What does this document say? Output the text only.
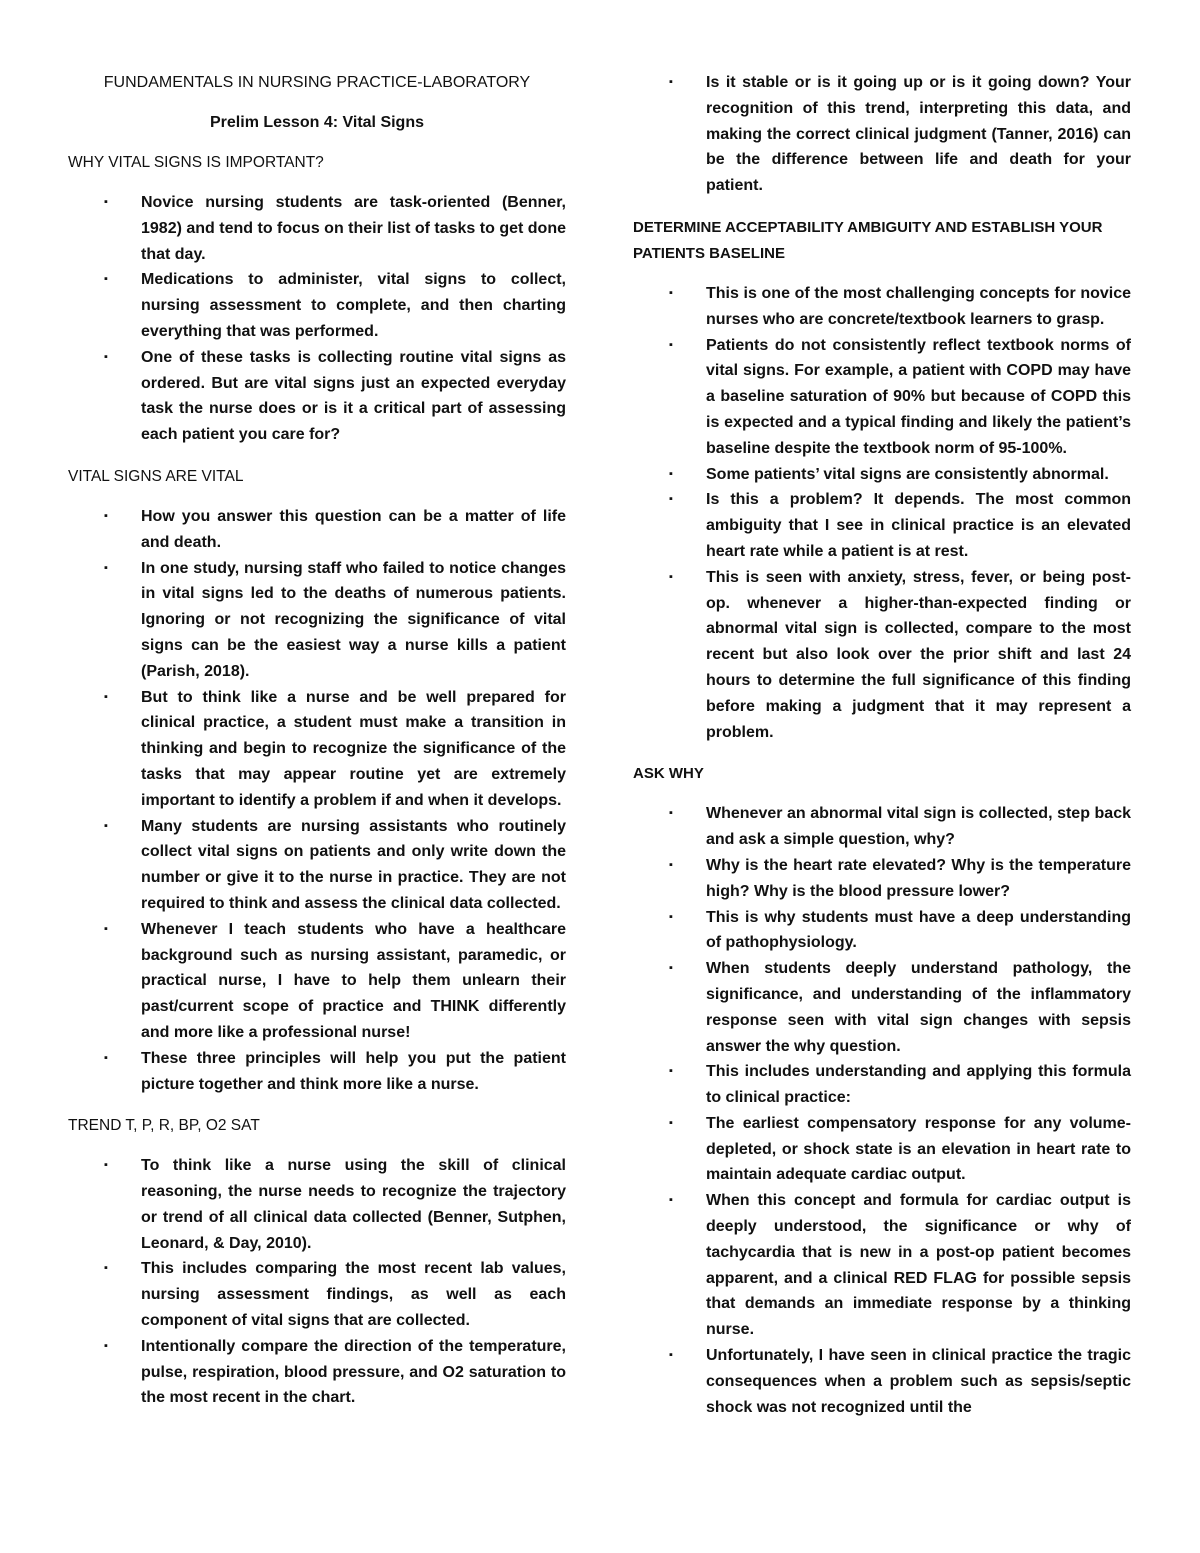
FUNDAMENTALS IN NURSING PRACTICE-LABORATORY
Prelim Lesson 4: Vital Signs
WHY VITAL SIGNS IS IMPORTANT?
▪ Novice nursing students are task-oriented (Benner, 1982) and tend to focus on their list of tasks to get done that day.
▪ Medications to administer, vital signs to collect, nursing assessment to complete, and then charting everything that was performed.
▪ One of these tasks is collecting routine vital signs as ordered. But are vital signs just an expected everyday task the nurse does or is it a critical part of assessing each patient you care for?
VITAL SIGNS ARE VITAL
▪ How you answer this question can be a matter of life and death.
▪ In one study, nursing staff who failed to notice changes in vital signs led to the deaths of numerous patients. Ignoring or not recognizing the significance of vital signs can be the easiest way a nurse kills a patient (Parish, 2018).
▪ But to think like a nurse and be well prepared for clinical practice, a student must make a transition in thinking and begin to recognize the significance of the tasks that may appear routine yet are extremely important to identify a problem if and when it develops.
▪ Many students are nursing assistants who routinely collect vital signs on patients and only write down the number or give it to the nurse in practice. They are not required to think and assess the clinical data collected.
▪ Whenever I teach students who have a healthcare background such as nursing assistant, paramedic, or practical nurse, I have to help them unlearn their past/current scope of practice and THINK differently and more like a professional nurse!
▪ These three principles will help you put the patient picture together and think more like a nurse.
TREND T, P, R, BP, O2 SAT
▪ To think like a nurse using the skill of clinical reasoning, the nurse needs to recognize the trajectory or trend of all clinical data collected (Benner, Sutphen, Leonard, & Day, 2010).
▪ This includes comparing the most recent lab values, nursing assessment findings, as well as each component of vital signs that are collected.
▪ Intentionally compare the direction of the temperature, pulse, respiration, blood pressure, and O2 saturation to the most recent in the chart.
▪ Is it stable or is it going up or is it going down? Your recognition of this trend, interpreting this data, and making the correct clinical judgment (Tanner, 2016) can be the difference between life and death for your patient.
DETERMINE ACCEPTABILITY AMBIGUITY AND ESTABLISH YOUR PATIENTS BASELINE
▪ This is one of the most challenging concepts for novice nurses who are concrete/textbook learners to grasp.
▪ Patients do not consistently reflect textbook norms of vital signs. For example, a patient with COPD may have a baseline saturation of 90% but because of COPD this is expected and a typical finding and likely the patient’s baseline despite the textbook norm of 95-100%.
▪ Some patients’ vital signs are consistently abnormal.
▪ Is this a problem? It depends. The most common ambiguity that I see in clinical practice is an elevated heart rate while a patient is at rest.
▪ This is seen with anxiety, stress, fever, or being post-op. whenever a higher-than-expected finding or abnormal vital sign is collected, compare to the most recent but also look over the prior shift and last 24 hours to determine the full significance of this finding before making a judgment that it may represent a problem.
ASK WHY
▪ Whenever an abnormal vital sign is collected, step back and ask a simple question, why?
▪ Why is the heart rate elevated? Why is the temperature high? Why is the blood pressure lower?
▪ This is why students must have a deep understanding of pathophysiology.
▪ When students deeply understand pathology, the significance, and understanding of the inflammatory response seen with vital sign changes with sepsis answer the why question.
▪ This includes understanding and applying this formula to clinical practice:
▪ The earliest compensatory response for any volume-depleted, or shock state is an elevation in heart rate to maintain adequate cardiac output.
▪ When this concept and formula for cardiac output is deeply understood, the significance or why of tachycardia that is new in a post-op patient becomes apparent, and a clinical RED FLAG for possible sepsis that demands an immediate response by a thinking nurse.
▪ Unfortunately, I have seen in clinical practice the tragic consequences when a problem such as sepsis/septic shock was not recognized until the
